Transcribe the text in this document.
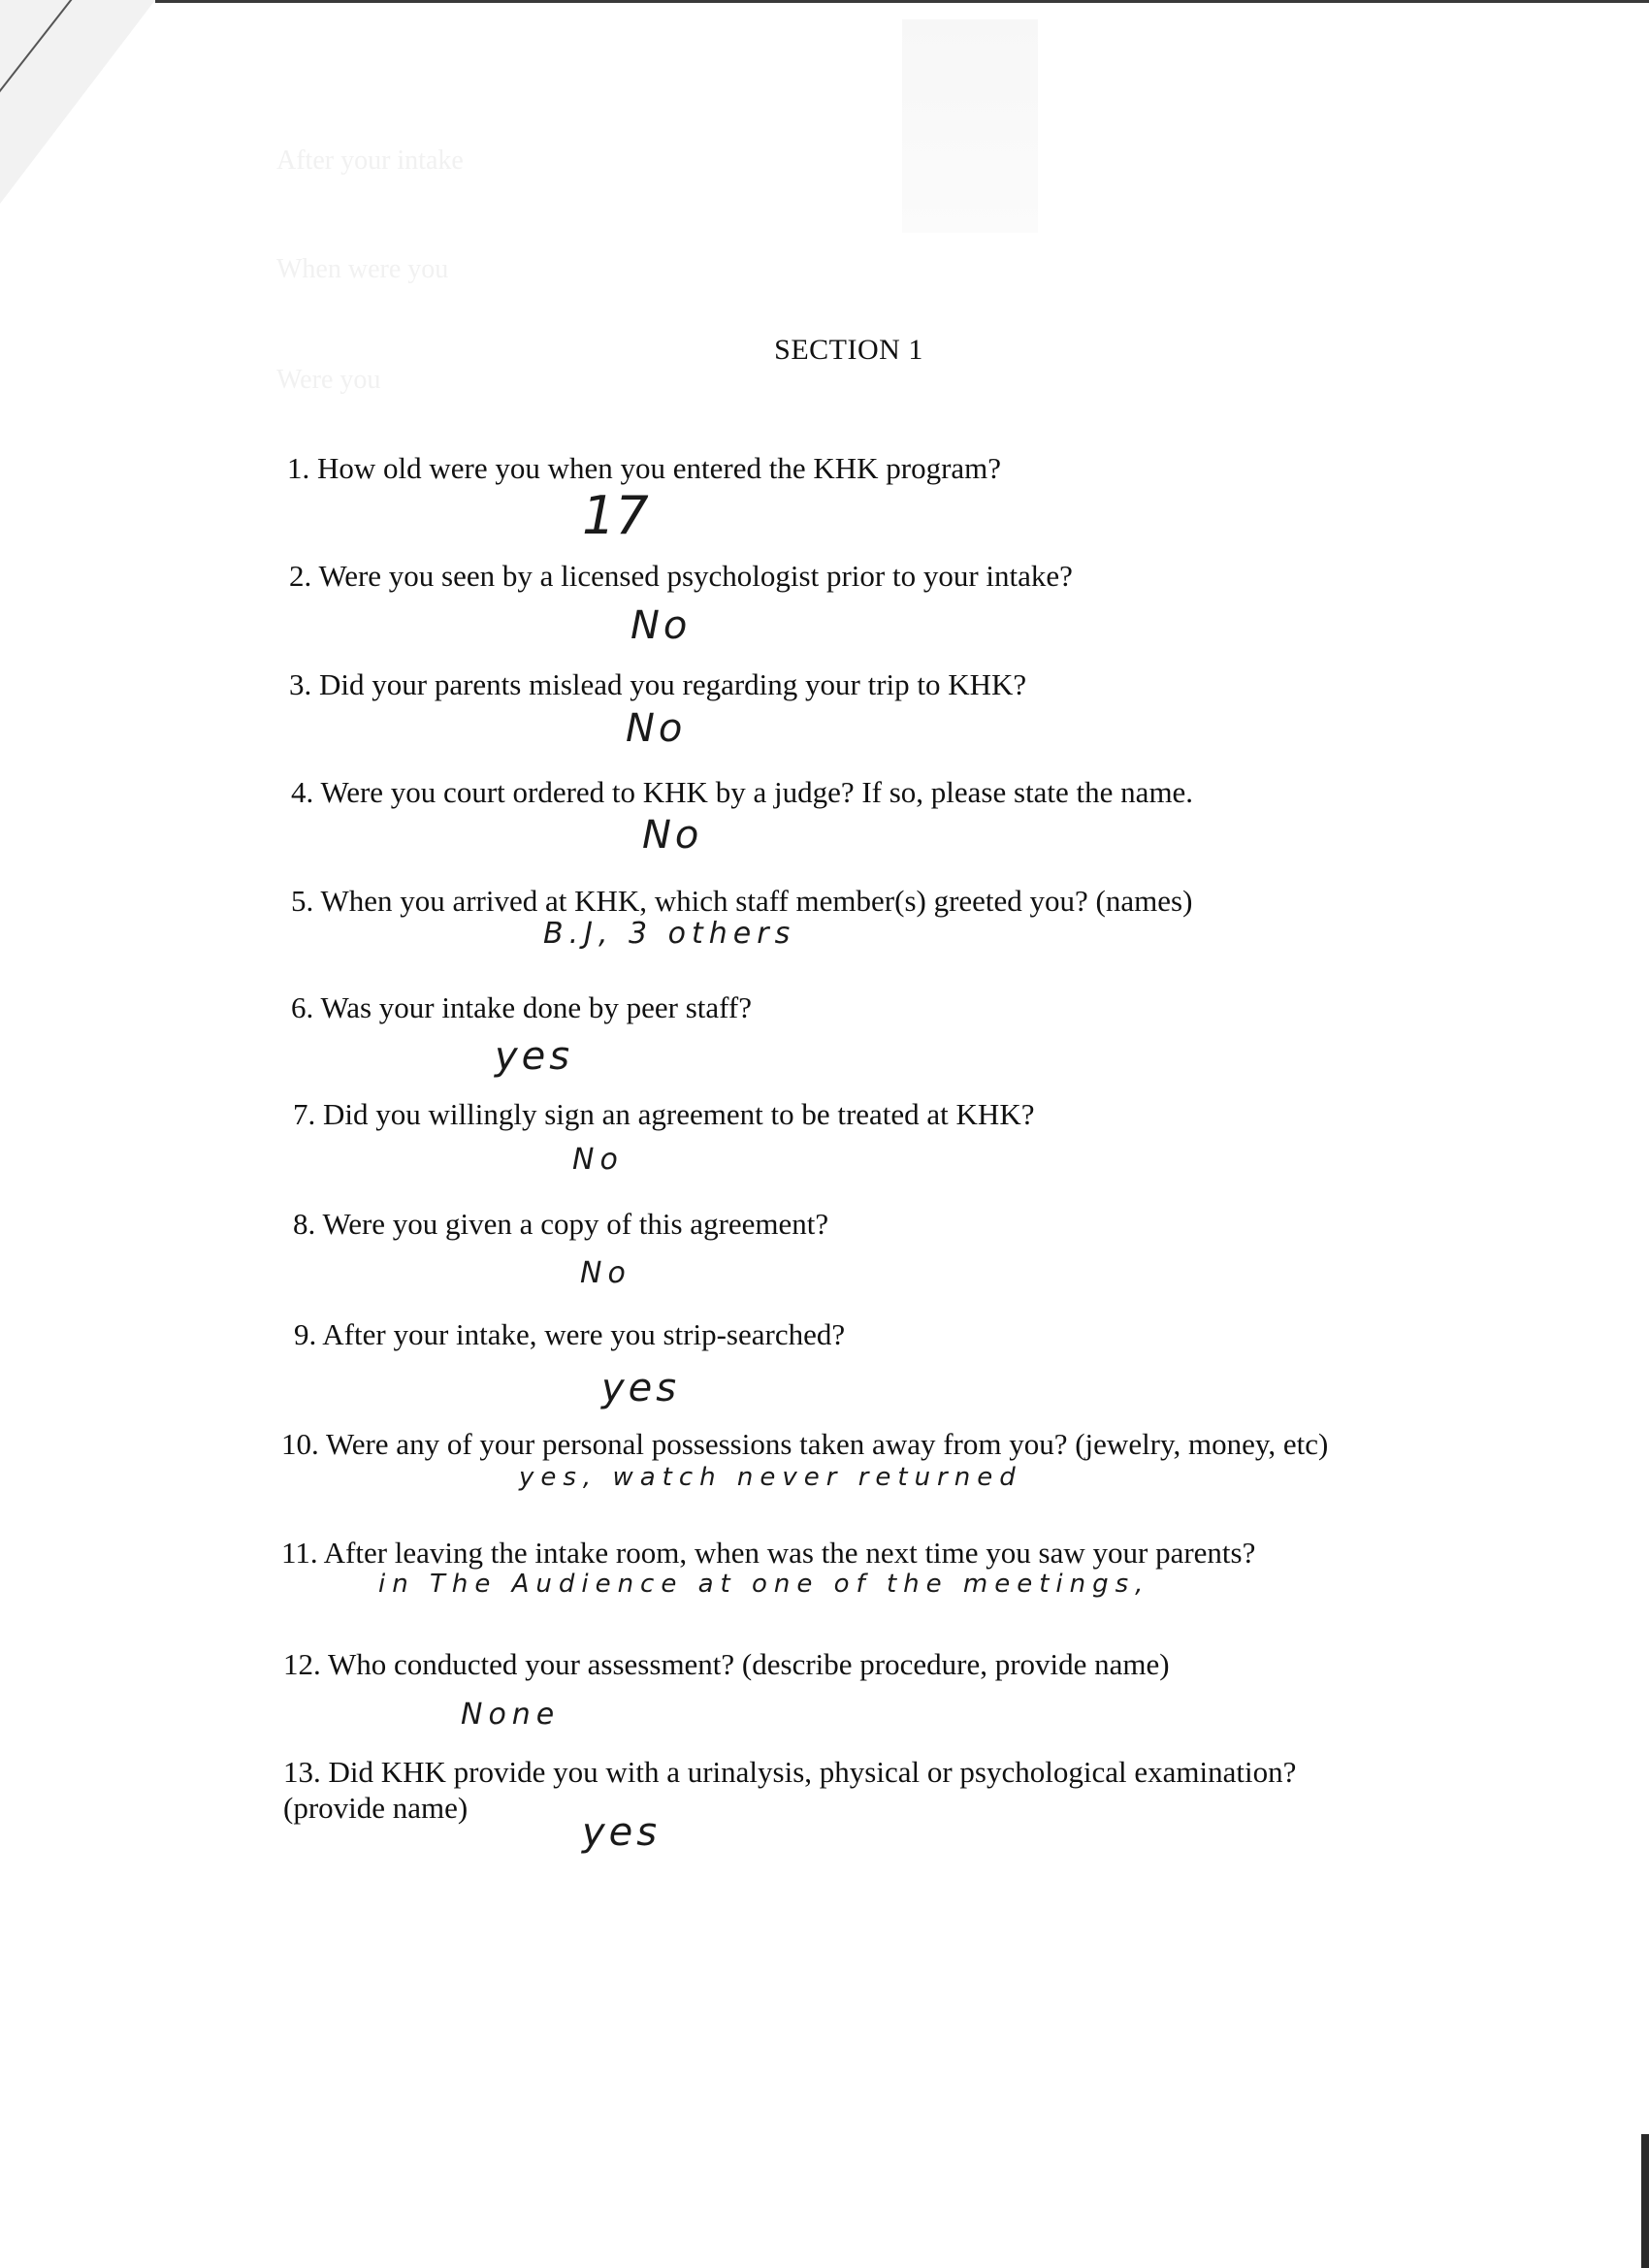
After your intake
When were you
Were you
SECTION 1
1. How old were you when you entered the KHK program?
17
2. Were you seen by a licensed psychologist prior to your intake?
No
3. Did your parents mislead you regarding your trip to KHK?
No
4. Were you court ordered to KHK by a judge? If so, please state the name.
No
5. When you arrived at KHK, which staff member(s) greeted you? (names)
B.J, 3 others
6. Was your intake done by peer staff?
yes
7. Did you willingly sign an agreement to be treated at KHK?
No
8. Were you given a copy of this agreement?
No
9. After your intake, were you strip-searched?
yes
10. Were any of your personal possessions taken away from you? (jewelry, money, etc)
yes, watch never returned
11. After leaving the intake room, when was the next time you saw your parents?
in The Audience at one of the meetings,
12. Who conducted your assessment? (describe procedure, provide name)
None
13. Did KHK provide you with a urinalysis, physical or psychological examination?
(provide name)
yes
